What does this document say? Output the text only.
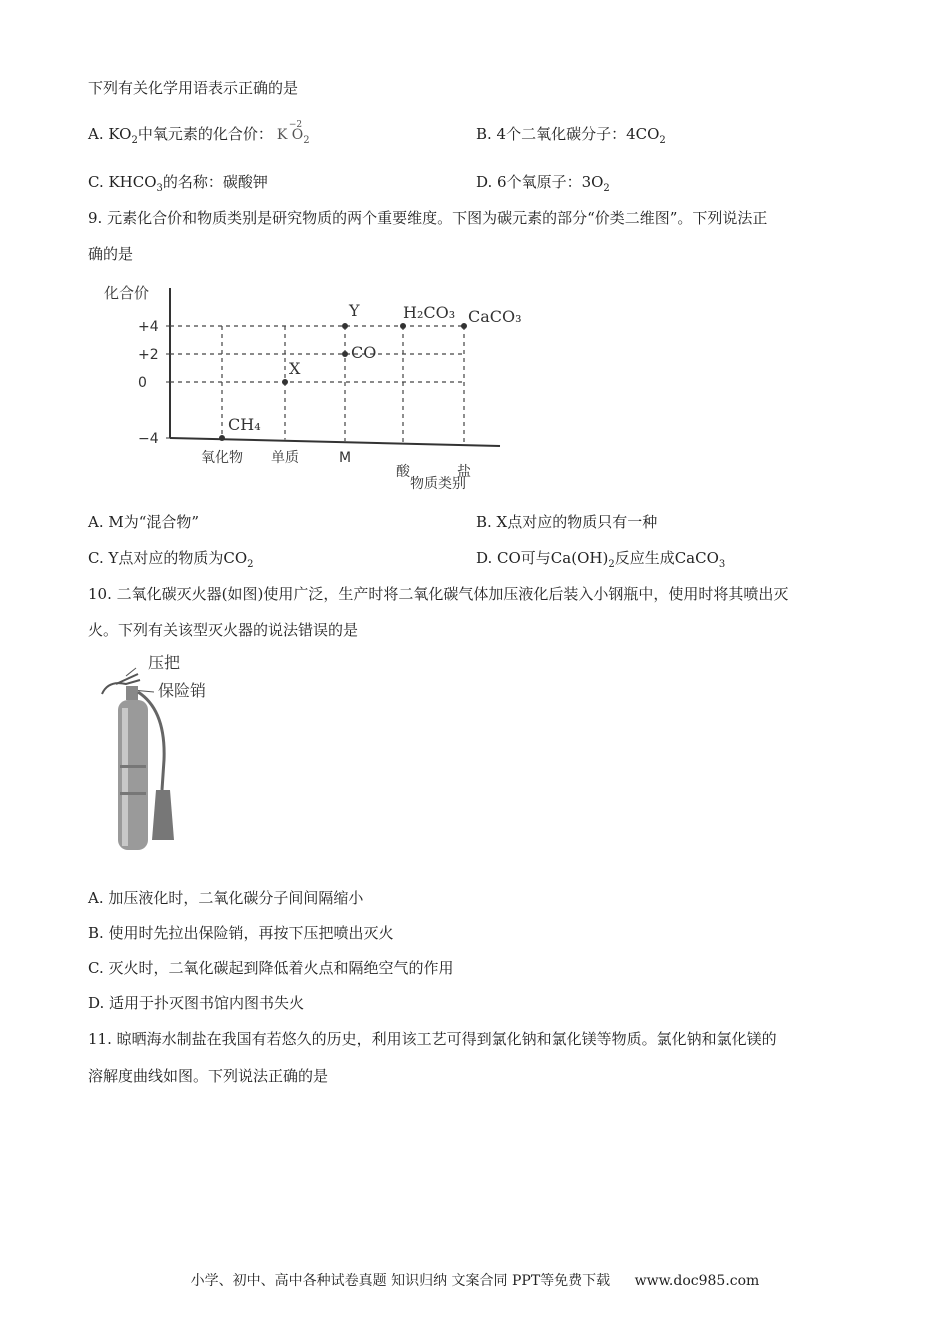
下列有关化学用语表示正确的是
A. $KO_2$中氧元素的化合价： K $O_2$
−2	B. 4个二氧化碳分子：$4CO_2$
C. $KHCO_3$的名称：碳酸钾	D. 6个氧原子：$3O_2$
9. 元素化合价和物质类别是研究物质的两个重要维度。下图为碳元素的部分“价类二维图”。下列说法正
确的是
化合价
+4
+2
0
−4
氧化物 单质	M
酸	盐
物质类别
CH₄
X
Y
CO
H₂CO₃ CaCO₃
A. M为“混合物”	B. X点对应的物质只有一种
C. Y点对应的物质为$CO_2$	D. CO可与$Ca(OH)_2$反应生成CaCO$_3$
10. 二氧化碳灭火器(如图)使用广泛，生产时将二氧化碳气体加压液化后装入小钢瓶中，使用时将其喷出灭
火。下列有关该型灭火器的说法错误的是
压把
保险销
A. 加压液化时，二氧化碳分子间间隔缩小
B. 使用时先拉出保险销，再按下压把喷出灭火
C. 灭火时，二氧化碳起到降低着火点和隔绝空气的作用
D. 适用于扑灭图书馆内图书失火
11. 晾晒海水制盐在我国有若悠久的历史，利用该工艺可得到氯化钠和氯化镁等物质。氯化钠和氯化镁的
溶解度曲线如图。下列说法正确的是
小学、初中、高中各种试卷真题 知识归纳 文案合同 PPT等免费下载 www.doc985.com
